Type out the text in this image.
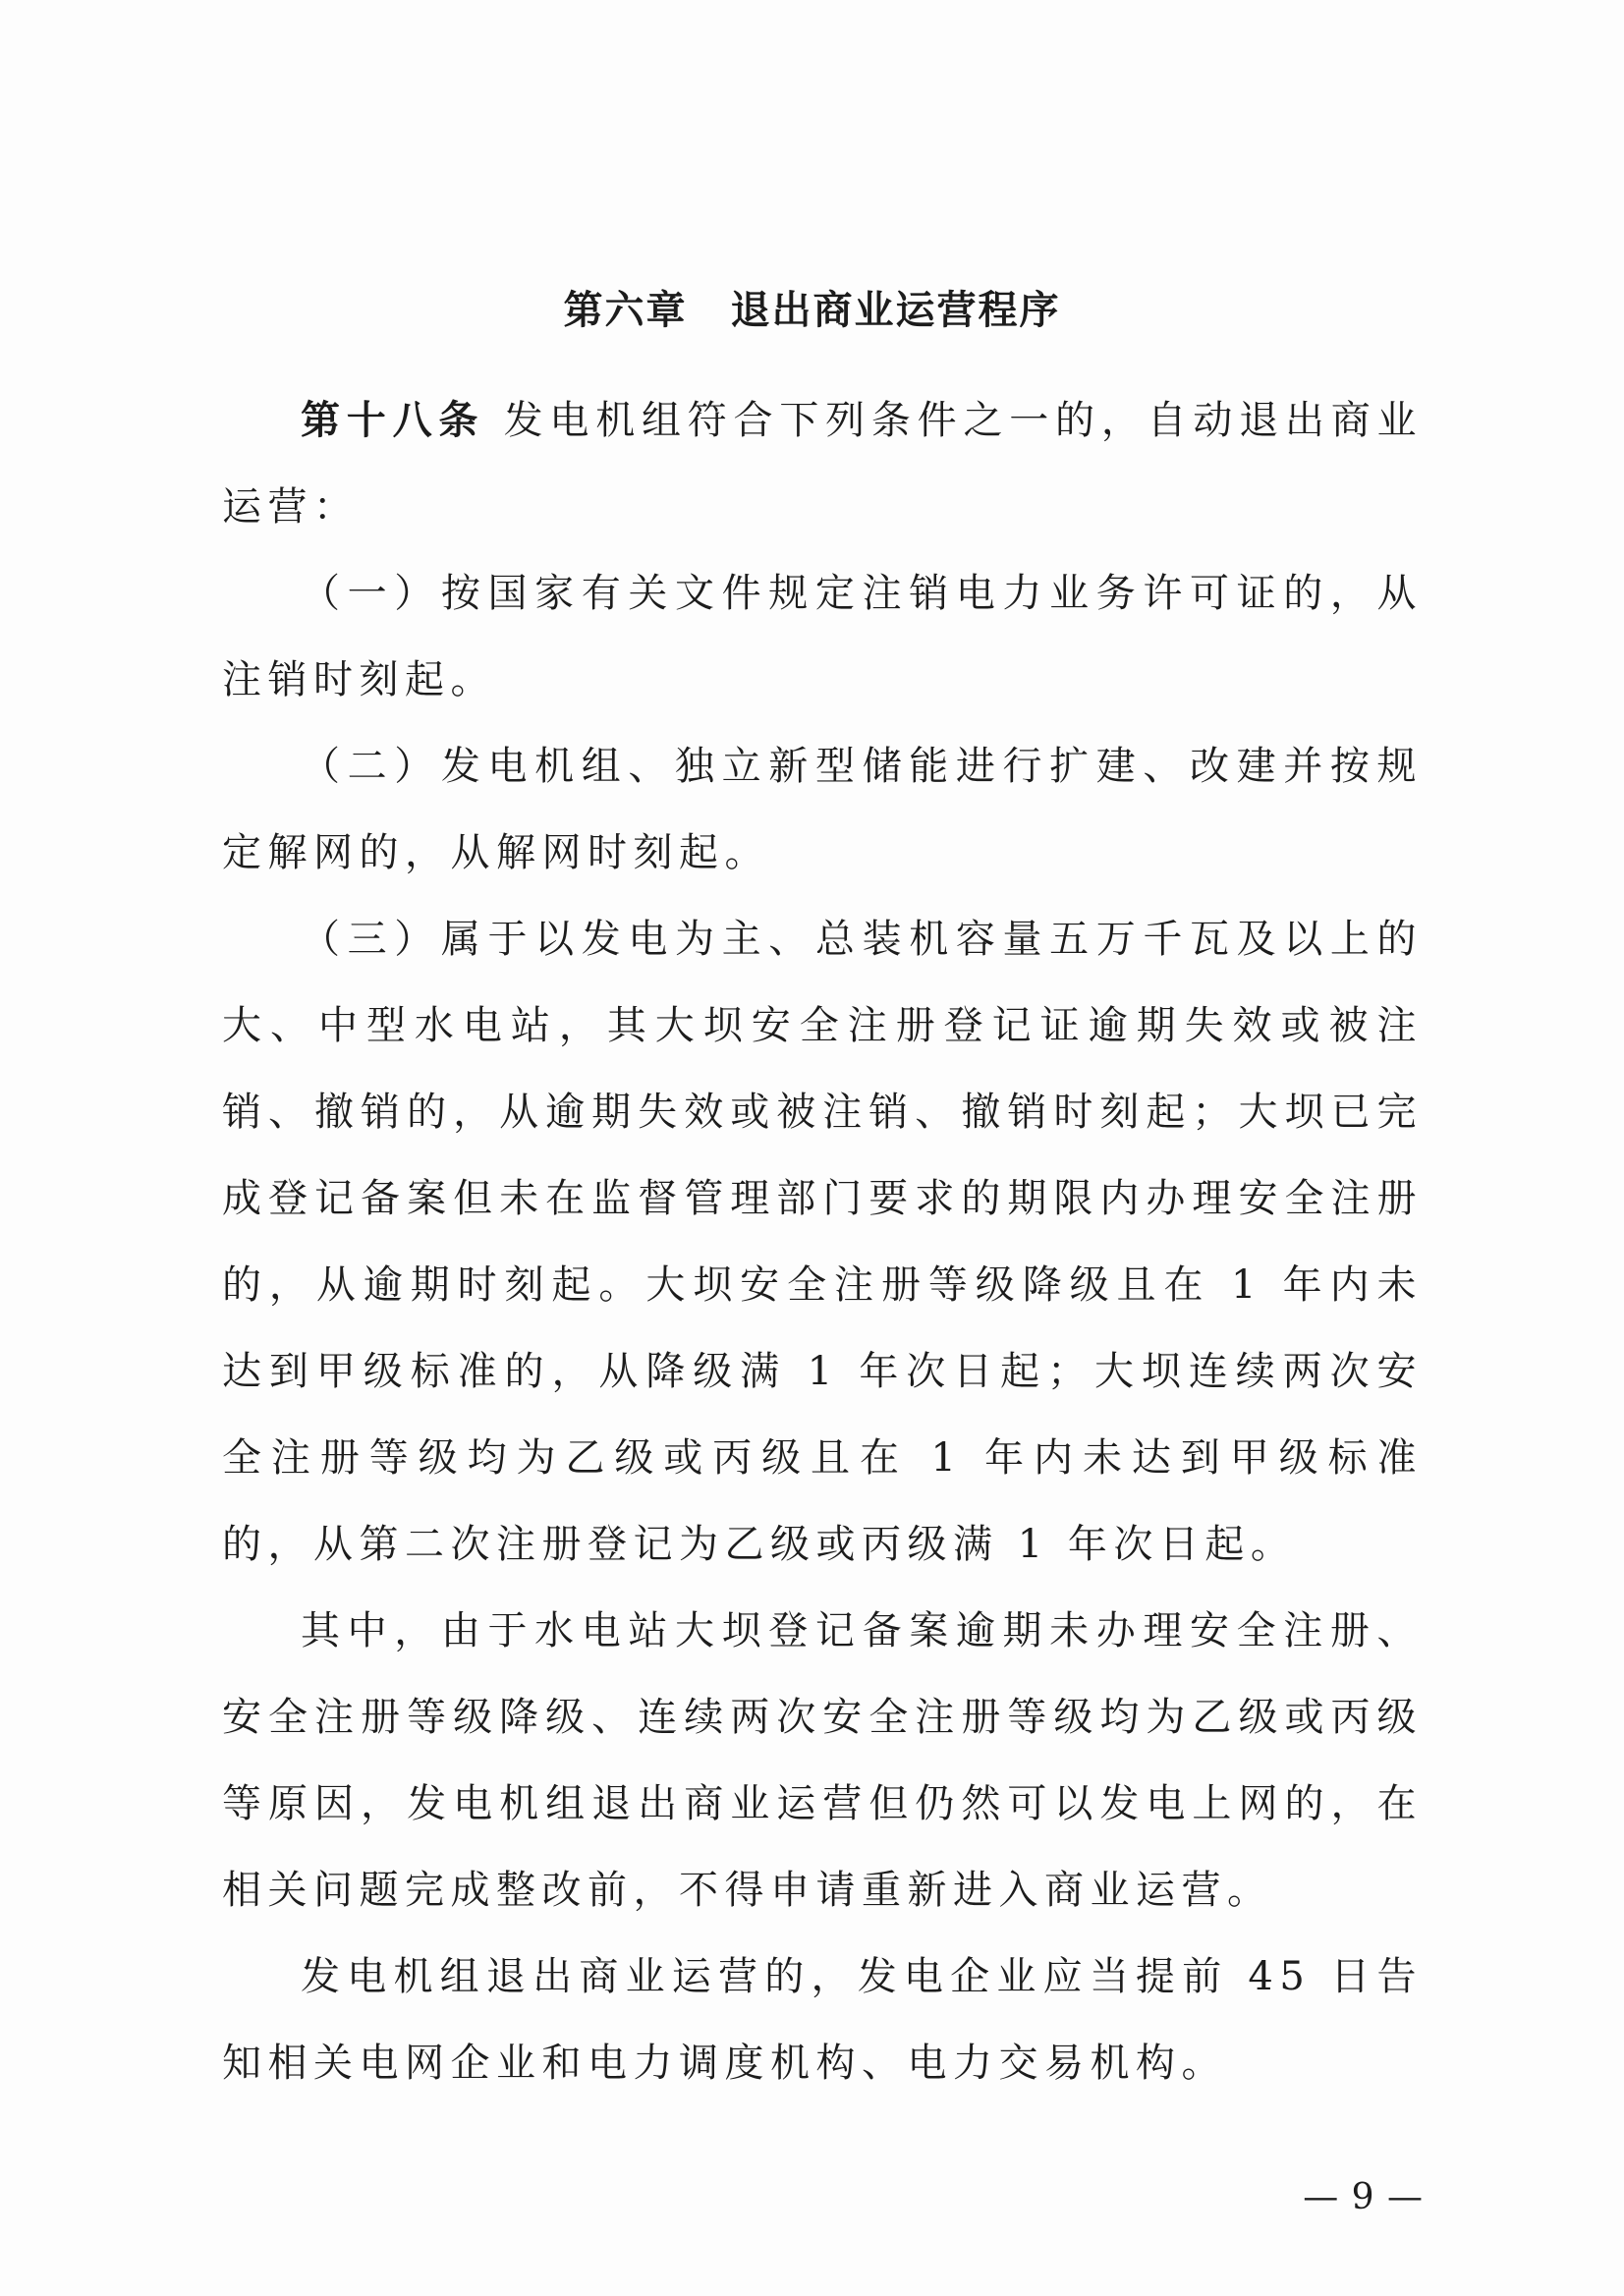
第六章 退出商业运营程序

第十八条 发电机组符合下列条件之一的，自动退出商业运营：

（一）按国家有关文件规定注销电力业务许可证的，从注销时刻起。

（二）发电机组、独立新型储能进行扩建、改建并按规定解网的，从解网时刻起。

（三）属于以发电为主、总装机容量五万千瓦及以上的大、中型水电站，其大坝安全注册登记证逾期失效或被注销、撤销的，从逾期失效或被注销、撤销时刻起；大坝已完成登记备案但未在监督管理部门要求的期限内办理安全注册的，从逾期时刻起。大坝安全注册等级降级且在 1 年内未达到甲级标准的，从降级满 1 年次日起；大坝连续两次安全注册等级均为乙级或丙级且在 1 年内未达到甲级标准的，从第二次注册登记为乙级或丙级满 1 年次日起。

其中，由于水电站大坝登记备案逾期未办理安全注册、安全注册等级降级、连续两次安全注册等级均为乙级或丙级等原因，发电机组退出商业运营但仍然可以发电上网的，在相关问题完成整改前，不得申请重新进入商业运营。

发电机组退出商业运营的，发电企业应当提前 45 日告知相关电网企业和电力调度机构、电力交易机构。

— 9 —
